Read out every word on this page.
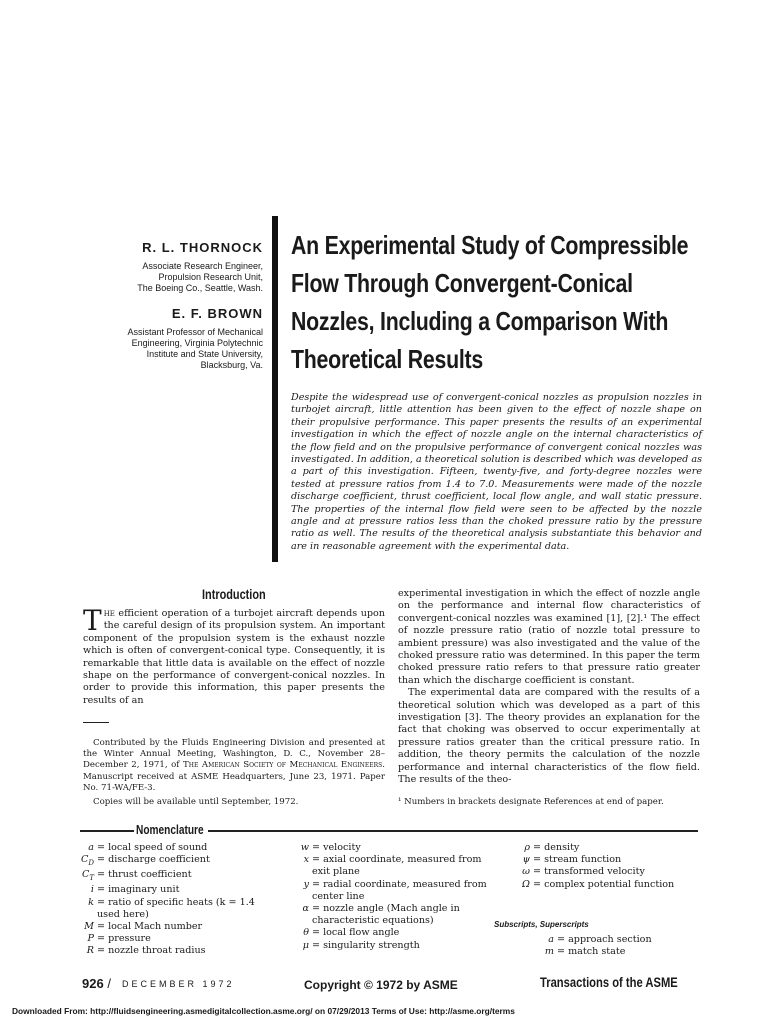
R. L. THORNOCK
Associate Research Engineer,
Propulsion Research Unit,
The Boeing Co., Seattle, Wash.
E. F. BROWN
Assistant Professor of Mechanical
Engineering, Virginia Polytechnic
Institute and State University,
Blacksburg, Va.
An Experimental Study of Compressible
Flow Through Convergent-Conical
Nozzles, Including a Comparison With
Theoretical Results
Despite the widespread use of convergent-conical nozzles as propulsion nozzles in turbojet aircraft, little attention has been given to the effect of nozzle shape on their propulsive performance. This paper presents the results of an experimental investigation in which the effect of nozzle angle on the internal characteristics of the flow field and on the propulsive performance of convergent conical nozzles was investigated. In addition, a theoretical solution is described which was developed as a part of this investigation. Fifteen, twenty-five, and forty-degree nozzles were tested at pressure ratios from 1.4 to 7.0. Measurements were made of the nozzle discharge coefficient, thrust coefficient, local flow angle, and wall static pressure. The properties of the internal flow field were seen to be affected by the nozzle angle and at pressure ratios less than the choked pressure ratio by the pressure ratio as well. The results of the theoretical analysis substantiate this behavior and are in reasonable agreement with the experimental data.
Introduction
The efficient operation of a turbojet aircraft depends upon the careful design of its propulsion system. An important component of the propulsion system is the exhaust nozzle which is often of convergent-conical type. Consequently, it is remarkable that little data is available on the effect of nozzle shape on the performance of convergent-conical nozzles. In order to provide this information, this paper presents the results of an
Contributed by the Fluids Engineering Division and presented at the Winter Annual Meeting, Washington, D. C., November 28–December 2, 1971, of The American Society of Mechanical Engineers. Manuscript received at ASME Headquarters, June 23, 1971. Paper No. 71-WA/FE-3.
Copies will be available until September, 1972.
experimental investigation in which the effect of nozzle angle on the performance and internal flow characteristics of convergent-conical nozzles was examined [1], [2].¹ The effect of nozzle pressure ratio (ratio of nozzle total pressure to ambient pressure) was also investigated and the value of the choked pressure ratio was determined. In this paper the term choked pressure ratio refers to that pressure ratio greater than which the discharge coefficient is constant.
The experimental data are compared with the results of a theoretical solution which was developed as a part of this investigation [3]. The theory provides an explanation for the fact that choking was observed to occur experimentally at pressure ratios greater than the critical pressure ratio. In addition, the theory permits the calculation of the nozzle performance and internal characteristics of the flow field. The results of the theo-
¹ Numbers in brackets designate References at end of paper.
Nomenclature
a = local speed of sound
$C_D$ = discharge coefficient
$C_T$ = thrust coefficient
i = imaginary unit
k = ratio of specific heats (k = 1.4 used here)
M = local Mach number
P = pressure
R = nozzle throat radius
w = velocity
x = axial coordinate, measured from exit plane
y = radial coordinate, measured from center line
α = nozzle angle (Mach angle in characteristic equations)
θ = local flow angle
μ = singularity strength
ρ = density
ψ = stream function
ω = transformed velocity
Ω = complex potential function
Subscripts, Superscripts
a = approach section
m = match state
926 / DECEMBER 1972	Copyright © 1972 by ASME	Transactions of the ASME
Downloaded From: http://fluidsengineering.asmedigitalcollection.asme.org/ on 07/29/2013 Terms of Use: http://asme.org/terms
